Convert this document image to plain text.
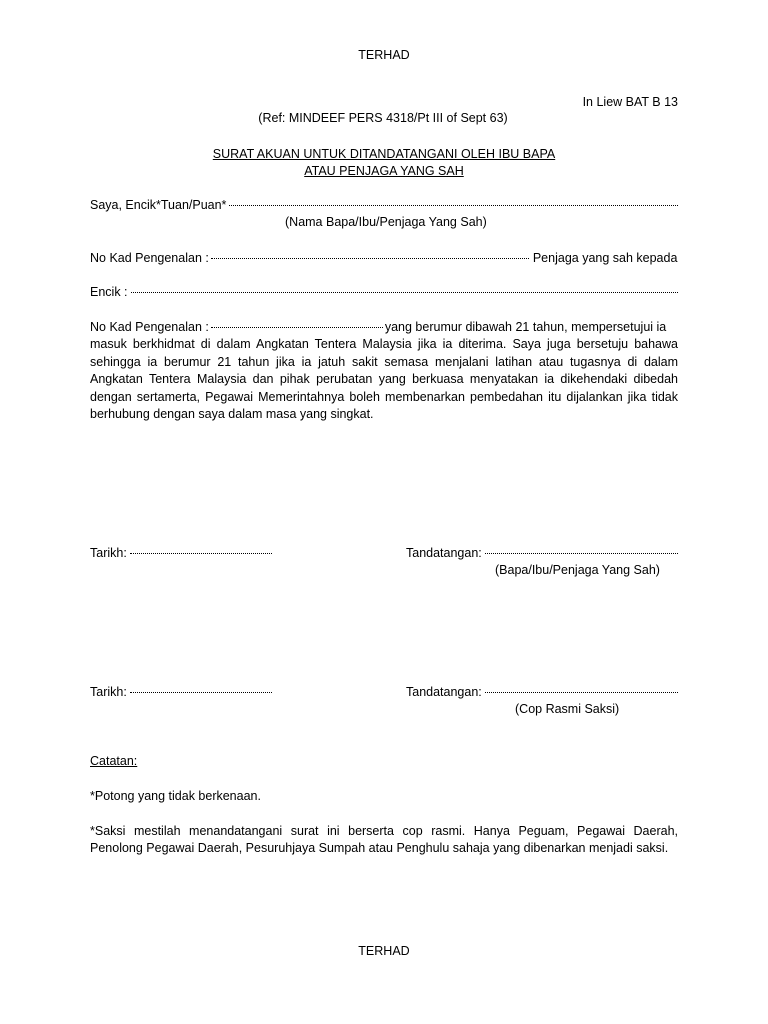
TERHAD
In Liew BAT B 13
(Ref: MINDEEF PERS 4318/Pt III of Sept 63)
SURAT AKUAN UNTUK DITANDATANGANI OLEH IBU BAPA
ATAU PENJAGA YANG SAH
Saya, Encik*Tuan/Puan*
(Nama Bapa/Ibu/Penjaga Yang Sah)
No Kad Pengenalan :	Penjaga yang sah kepada
Encik :
No Kad Pengenalan :	yang berumur dibawah 21 tahun, mempersetujui ia
masuk berkhidmat di dalam Angkatan Tentera Malaysia jika ia diterima. Saya juga bersetuju bahawa
sehingga ia berumur 21 tahun jika ia jatuh sakit semasa menjalani latihan atau tugasnya di dalam
Angkatan Tentera Malaysia dan pihak perubatan yang berkuasa menyatakan ia dikehendaki dibedah
dengan sertamerta, Pegawai Memerintahnya boleh membenarkan pembedahan itu dijalankan jika tidak
berhubung dengan saya dalam masa yang singkat.
Tarikh:	Tandatangan:
(Bapa/Ibu/Penjaga Yang Sah)
Tarikh:	Tandatangan:
(Cop Rasmi Saksi)
Catatan:
*Potong yang tidak berkenaan.
*Saksi mestilah menandatangani surat ini berserta cop rasmi. Hanya Peguam, Pegawai Daerah,
Penolong Pegawai Daerah, Pesuruhjaya Sumpah atau Penghulu sahaja yang dibenarkan menjadi saksi.
TERHAD
